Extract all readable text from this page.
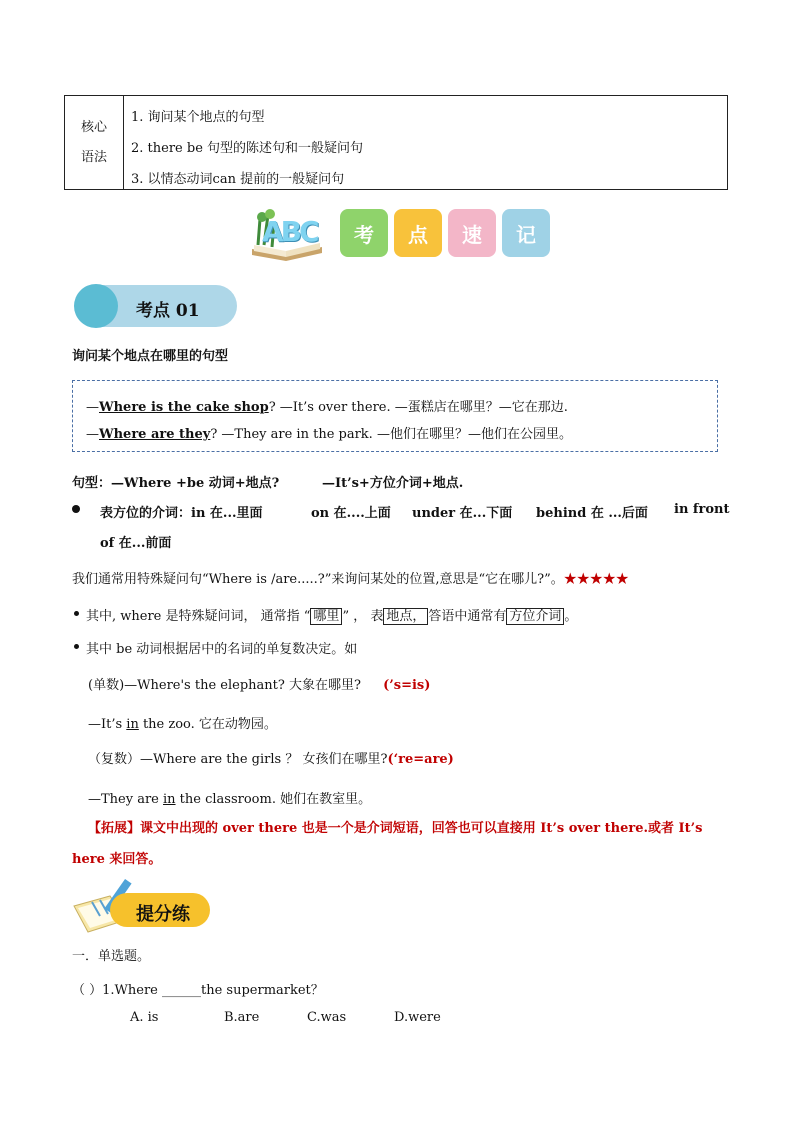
核心
语法
1. 询问某个地点的句型
2. there be 句型的陈述句和一般疑问句
3. 以情态动词can 提前的一般疑问句
ABC	考	点	速	记
考点 01
询问某个地点在哪里的句型
—Where is the cake shop? —It’s over there. —蛋糕店在哪里？—它在那边.
—Where are they? —They are in the park. —他们在哪里？—他们在公园里。
句型：—Where +be 动词+地点?	—It’s+方位介词+地点.
表方位的介词：in 在...里面	on 在....上面 under 在...下面 behind 在 ...后面 in front
of 在...前面
我们通常用特殊疑问句“Where is /are.....?”来询问某处的位置,意思是“它在哪儿?”。★★★★★
其中, where 是特殊疑问词， 通常指 “ 哪里 ” ， 表 地点， 答语中通常有 方位介词 。
其中 be 动词根据居中的名词的单复数决定。如
(单数)—Where's the elephant? 大象在哪里? (’s=is)
—It’s in the zoo. 它在动物园。
（复数）—Where are the girls ？ 女孩们在哪里?(‘re=are)
—They are in the classroom. 她们在教室里。
【拓展】课文中出现的 over there 也是一个是介词短语，回答也可以直接用 It’s over there.或者 It’s
here 来回答。
提分练
一．单选题。
（ ）1.Where ______the supermarket？
A. is	B.are	C.was	D.were
